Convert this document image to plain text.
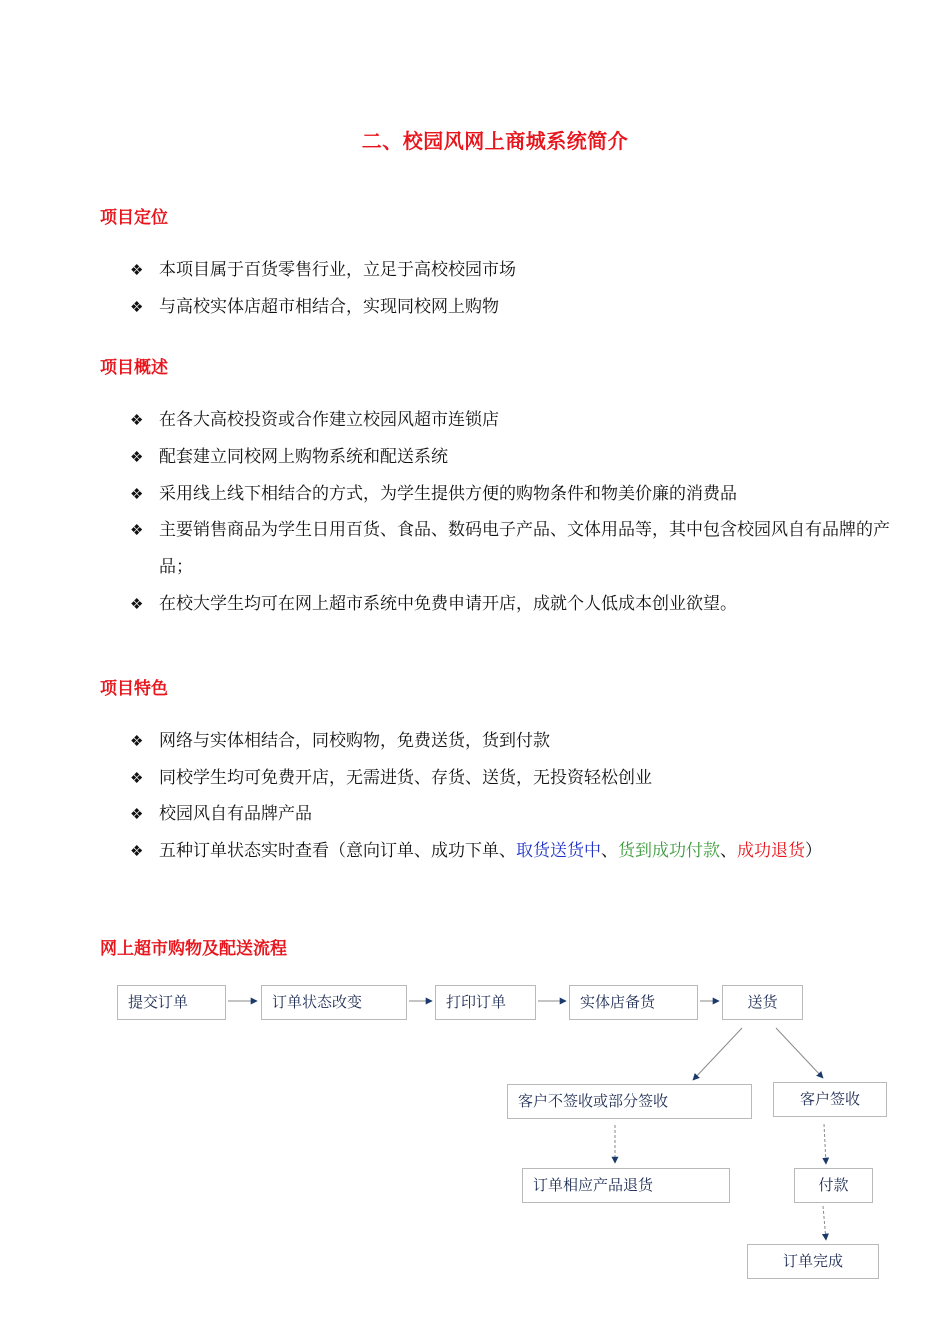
二、校园风网上商城系统简介
项目定位
❖ 本项目属于百货零售行业，立足于高校校园市场
❖ 与高校实体店超市相结合，实现同校网上购物
项目概述
❖ 在各大高校投资或合作建立校园风超市连锁店
❖ 配套建立同校网上购物系统和配送系统
❖ 采用线上线下相结合的方式，为学生提供方便的购物条件和物美价廉的消费品
❖ 主要销售商品为学生日用百货、食品、数码电子产品、文体用品等，其中包含校园风自有品牌的产品；
❖ 在校大学生均可在网上超市系统中免费申请开店，成就个人低成本创业欲望。
项目特色
❖ 网络与实体相结合，同校购物，免费送货，货到付款
❖ 同校学生均可免费开店，无需进货、存货、送货，无投资轻松创业
❖ 校园风自有品牌产品
❖ 五种订单状态实时查看（意向订单、成功下单、取货送货中、货到成功付款、成功退货）
网上超市购物及配送流程
提交订单	订单状态改变	打印订单	实体店备货	送货
客户不签收或部分签收	客户签收
订单相应产品退货	付款
订单完成
